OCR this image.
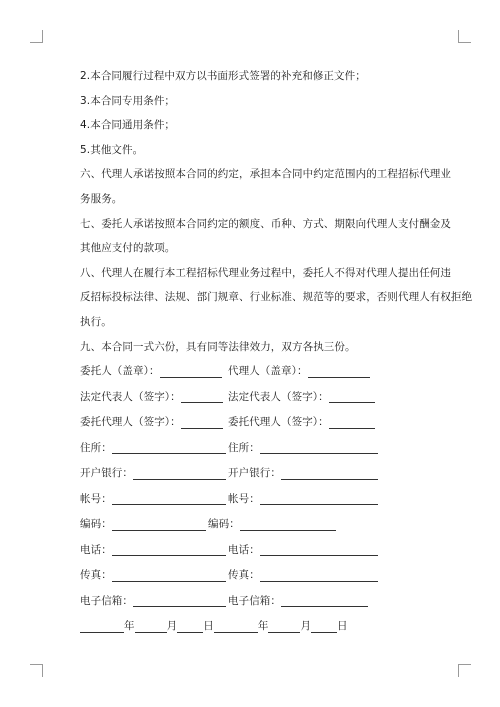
2.本合同履行过程中双方以书面形式签署的补充和修正文件；
3.本合同专用条件；
4.本合同通用条件；
5.其他文件。
六、代理人承诺按照本合同的约定，承担本合同中约定范围内的工程招标代理业
务服务。
七、委托人承诺按照本合同约定的额度、币种、方式、期限向代理人支付酬金及
其他应支付的款项。
八、代理人在履行本工程招标代理业务过程中，委托人不得对代理人提出任何违
反招标投标法律、法规、部门规章、行业标准、规范等的要求，否则代理人有权拒绝
执行。
九、本合同一式六份，具有同等法律效力，双方各执三份。
委托人（盖章）：	代理人（盖章）：
法定代表人（签字）：	法定代表人（签字）：
委托代理人（签字）：	委托代理人（签字）：
住所：	住所：
开户银行：	开户银行：
帐号：	帐号：
编码：	编码：
电话：	电话：
传真：	传真：
电子信箱：	电子信箱：
年	月 日	年	月 日
